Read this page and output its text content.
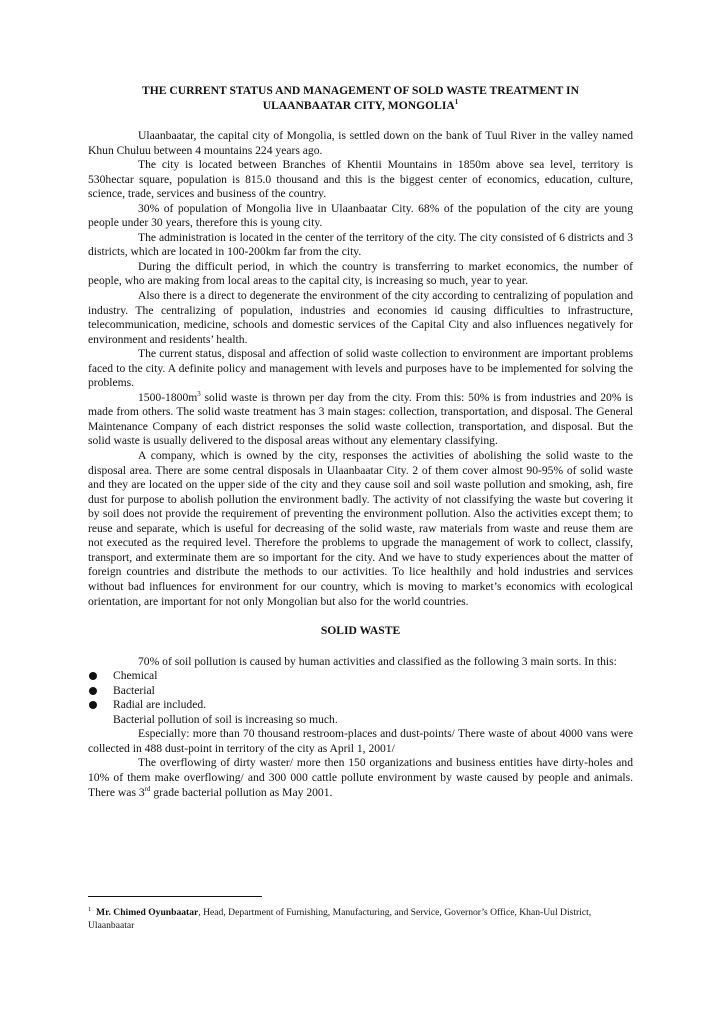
THE CURRENT STATUS AND MANAGEMENT OF SOLD WASTE TREATMENT IN
ULAANBAATAR CITY, MONGOLIA$^1$

Ulaanbaatar, the capital city of Mongolia, is settled down on the bank of Tuul River in the valley named Khun Chuluu between 4 mountains 224 years ago.

The city is located between Branches of Khentii Mountains in 1850m above sea level, territory is 530hectar square, population is 815.0 thousand and this is the biggest center of economics, education, culture, science, trade, services and business of the country.

30% of population of Mongolia live in Ulaanbaatar City. 68% of the population of the city are young people under 30 years, therefore this is young city.

The administration is located in the center of the territory of the city. The city consisted of 6 districts and 3 districts, which are located in 100-200km far from the city.

During the difficult period, in which the country is transferring to market economics, the number of people, who are making from local areas to the capital city, is increasing so much, year to year.

Also there is a direct to degenerate the environment of the city according to centralizing of population and industry. The centralizing of population, industries and economies id causing difficulties to infrastructure, telecommunication, medicine, schools and domestic services of the Capital City and also influences negatively for environment and residents’ health.

The current status, disposal and affection of solid waste collection to environment are important problems faced to the city. A definite policy and management with levels and purposes have to be implemented for solving the problems.

$1500-1800m^3$ solid waste is thrown per day from the city. From this: 50% is from industries and 20% is made from others. The solid waste treatment has 3 main stages: collection, transportation, and disposal. The General Maintenance Company of each district responses the solid waste collection, transportation, and disposal. But the solid waste is usually delivered to the disposal areas without any elementary classifying.

A company, which is owned by the city, responses the activities of abolishing the solid waste to the disposal area. There are some central disposals in Ulaanbaatar City. 2 of them cover almost 90-95% of solid waste and they are located on the upper side of the city and they cause soil and soil waste pollution and smoking, ash, fire dust for purpose to abolish pollution the environment badly. The activity of not classifying the waste but covering it by soil does not provide the requirement of preventing the environment pollution. Also the activities except them; to reuse and separate, which is useful for decreasing of the solid waste, raw materials from waste and reuse them are not executed as the required level. Therefore the problems to upgrade the management of work to collect, classify, transport, and exterminate them are so important for the city. And we have to study experiences about the matter of foreign countries and distribute the methods to our activities. To lice healthily and hold industries and services without bad influences for environment for our country, which is moving to market’s economics with ecological orientation, are important for not only Mongolian but also for the world countries.

SOLID WASTE

70% of soil pollution is caused by human activities and classified as the following 3 main sorts. In this:

Chemical
Bacterial
Radial are included.

Bacterial pollution of soil is increasing so much.

Especially: more than 70 thousand restroom-places and dust-points/ There waste of about 4000 vans were collected in 488 dust-point in territory of the city as April 1, 2001/

The overflowing of dirty waster/ more then 150 organizations and business entities have dirty-holes and 10% of them make overflowing/ and 300 000 cattle pollute environment by waste caused by people and animals. There was 3rd grade bacterial pollution as May 2001.

$^1$ Mr. Chimed Oyunbaatar, Head, Department of Furnishing, Manufacturing, and Service, Governor’s Office, Khan-Uul District, Ulaanbaatar
